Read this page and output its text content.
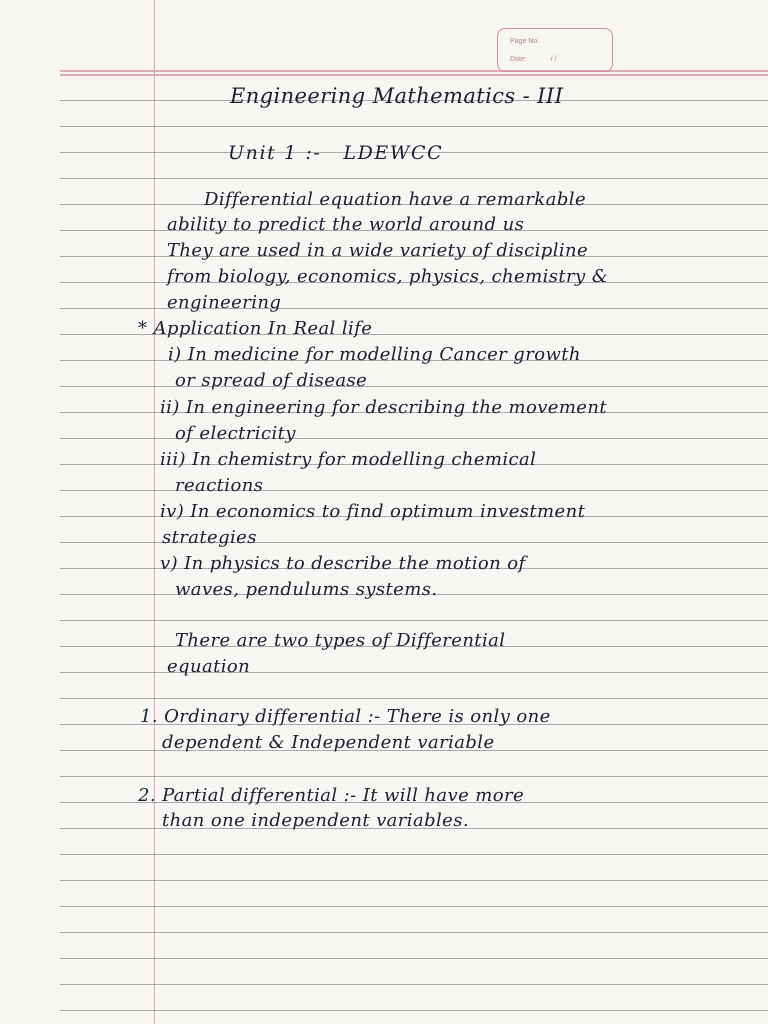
Page No.
Date:	/ /
Engineering Mathematics - III
Unit 1 :- LDEWCC
Differential equation have a remarkable
ability to predict the world around us
They are used in a wide variety of discipline
from biology, economics, physics, chemistry &
engineering
* Application In Real life
i) In medicine for modelling Cancer growth
or spread of disease
ii) In engineering for describing the movement
of electricity
iii) In chemistry for modelling chemical
reactions
iv) In economics to find optimum investment
strategies
v) In physics to describe the motion of
waves, pendulums systems.
There are two types of Differential
equation
1. Ordinary differential :- There is only one
dependent & Independent variable
2. Partial differential :- It will have more
than one independent variables.
